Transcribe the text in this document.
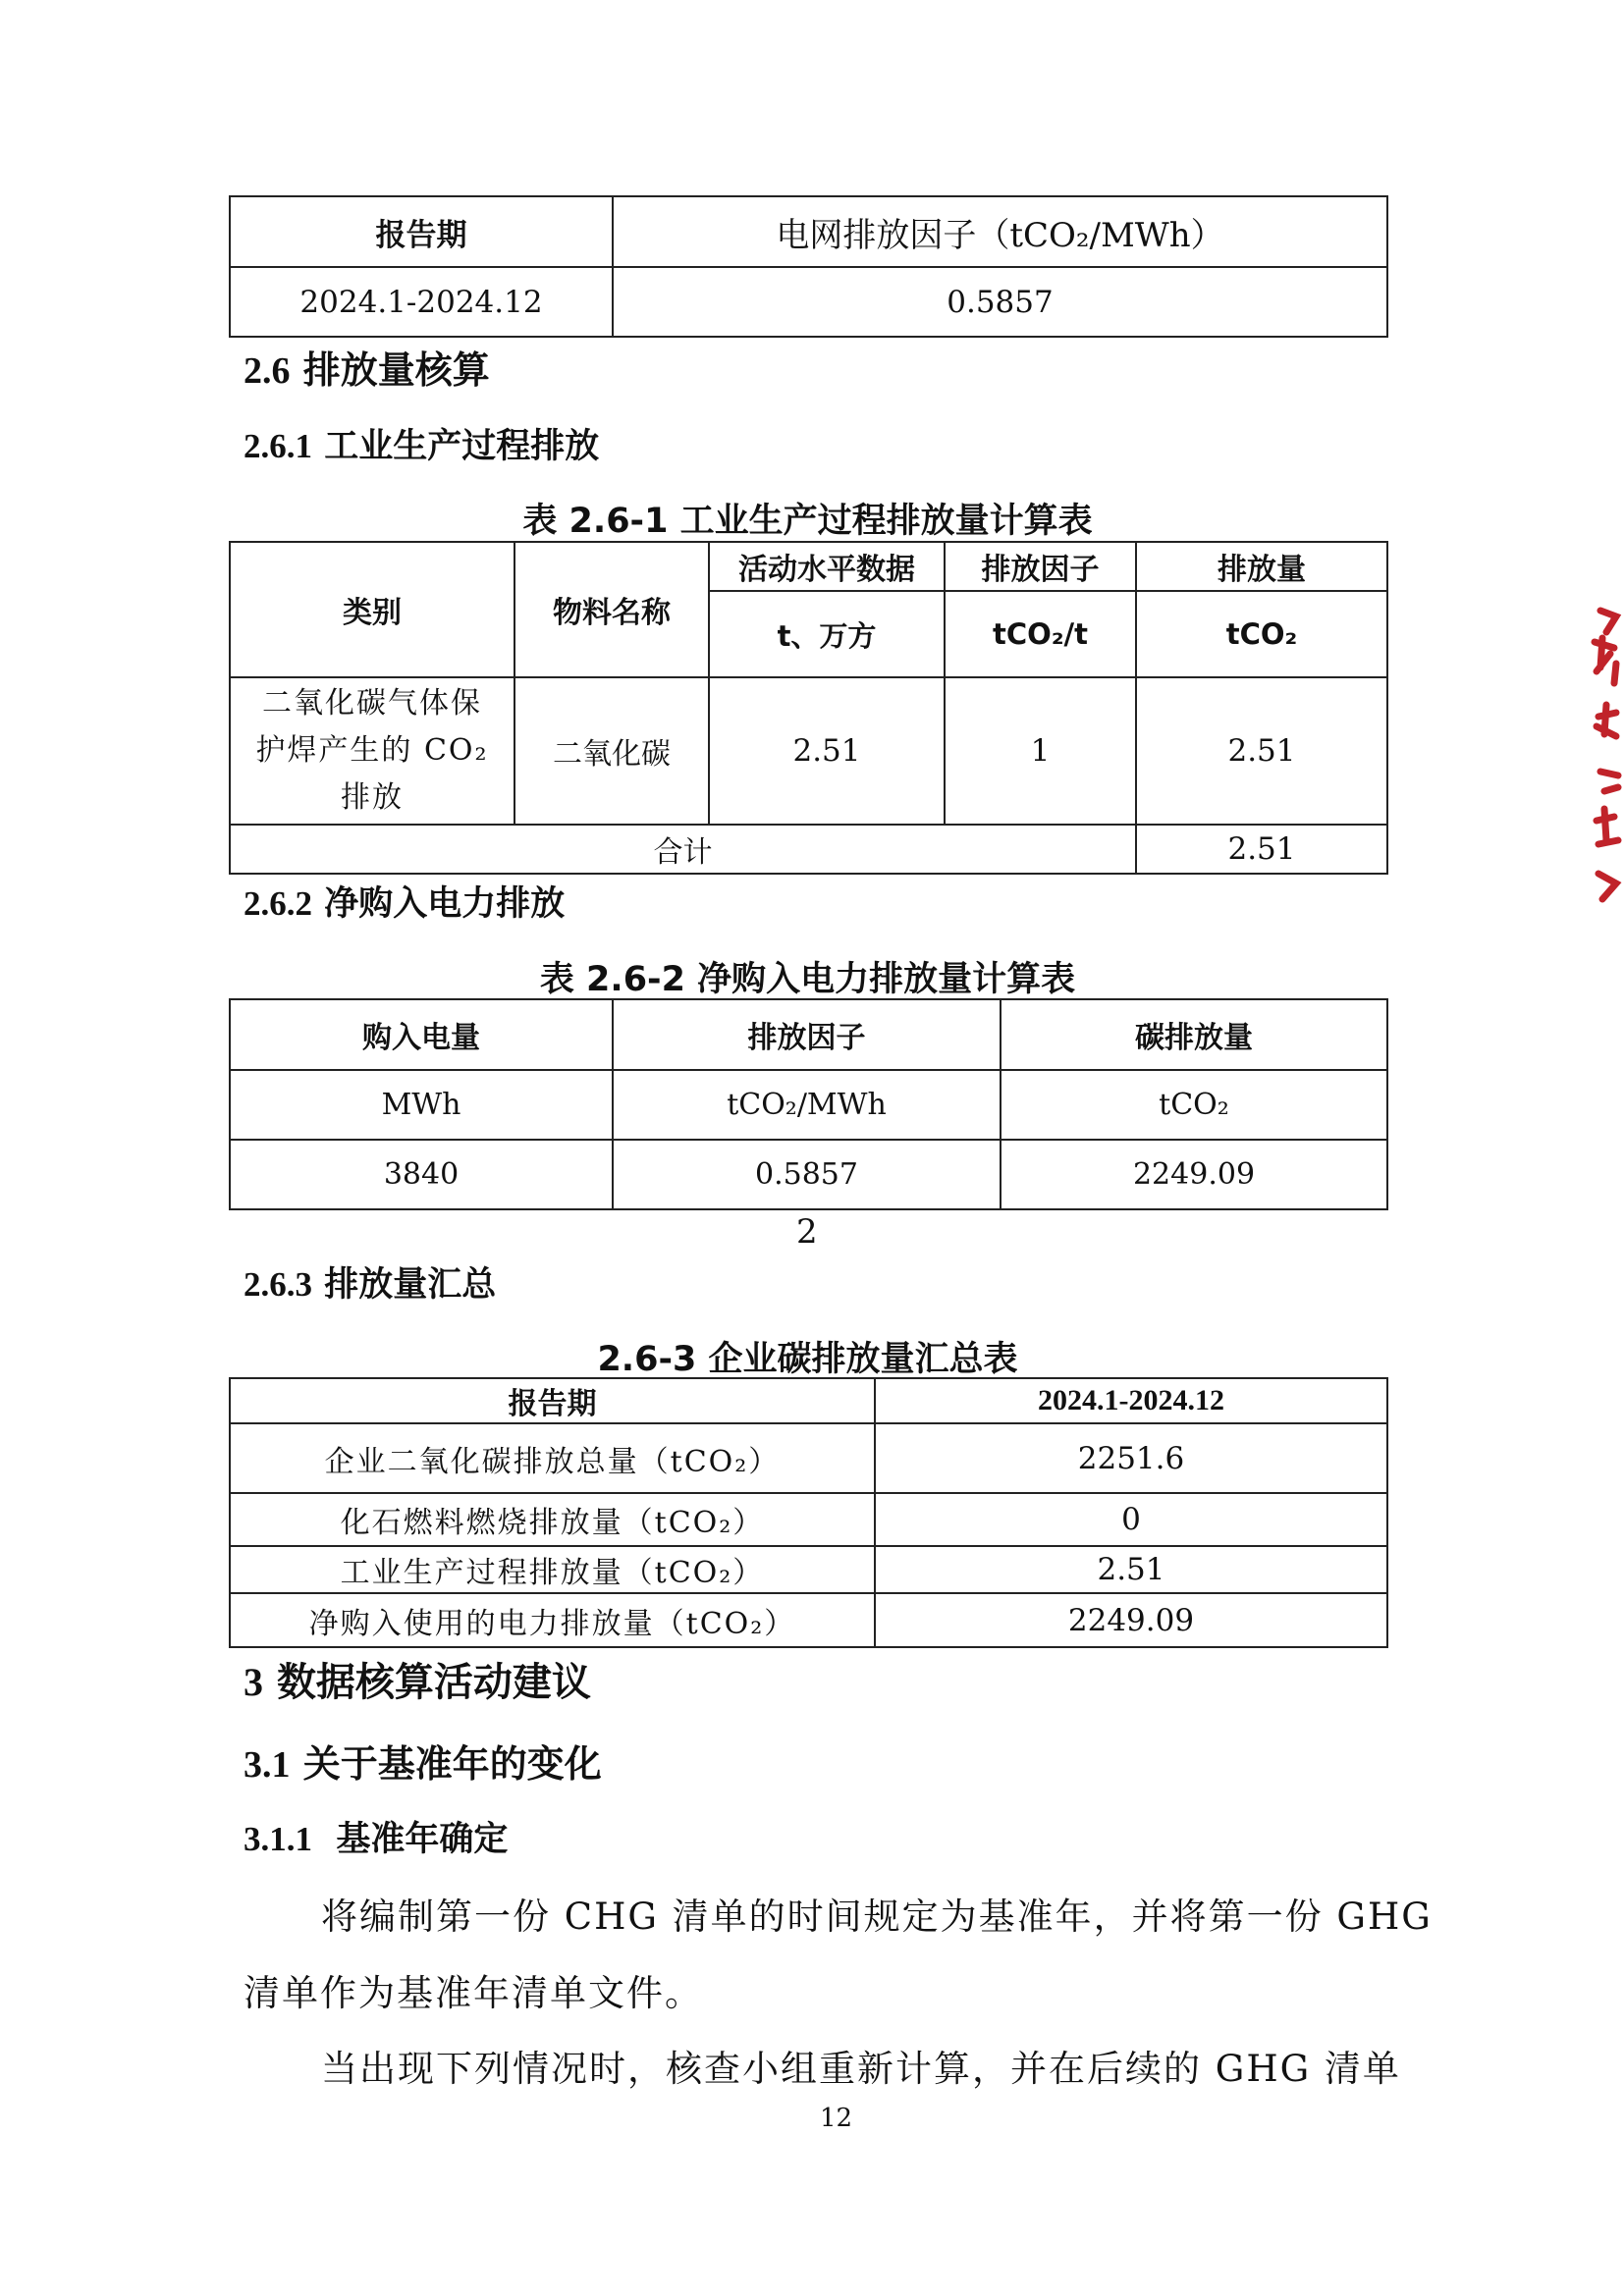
报告期	电网排放因子（tCO₂/MWh）
2024.1-2024.12	0.5857
2.6 排放量核算
2.6.1 工业生产过程排放
表 2.6-1 工业生产过程排放量计算表
类别	物料名称	活动水平数据	排放因子	排放量
		t、万方	tCO₂/t	tCO₂
二氧化碳气体保护焊产生的 CO₂ 排放	二氧化碳	2.51	1	2.51
合计				2.51
2.6.2 净购入电力排放
表 2.6-2 净购入电力排放量计算表
购入电量	排放因子	碳排放量
MWh	tCO₂/MWh	tCO₂
3840	0.5857	2249.09
2
2.6.3 排放量汇总
2.6-3 企业碳排放量汇总表
报告期	2024.1-2024.12
企业二氧化碳排放总量（tCO₂）	2251.6
化石燃料燃烧排放量（tCO₂）	0
工业生产过程排放量（tCO₂）	2.51
净购入使用的电力排放量（tCO₂）	2249.09
3 数据核算活动建议
3.1 关于基准年的变化
3.1.1 基准年确定
将编制第一份 CHG 清单的时间规定为基准年，并将第一份 GHG
清单作为基准年清单文件。
当出现下列情况时，核查小组重新计算，并在后续的 GHG 清单
12
